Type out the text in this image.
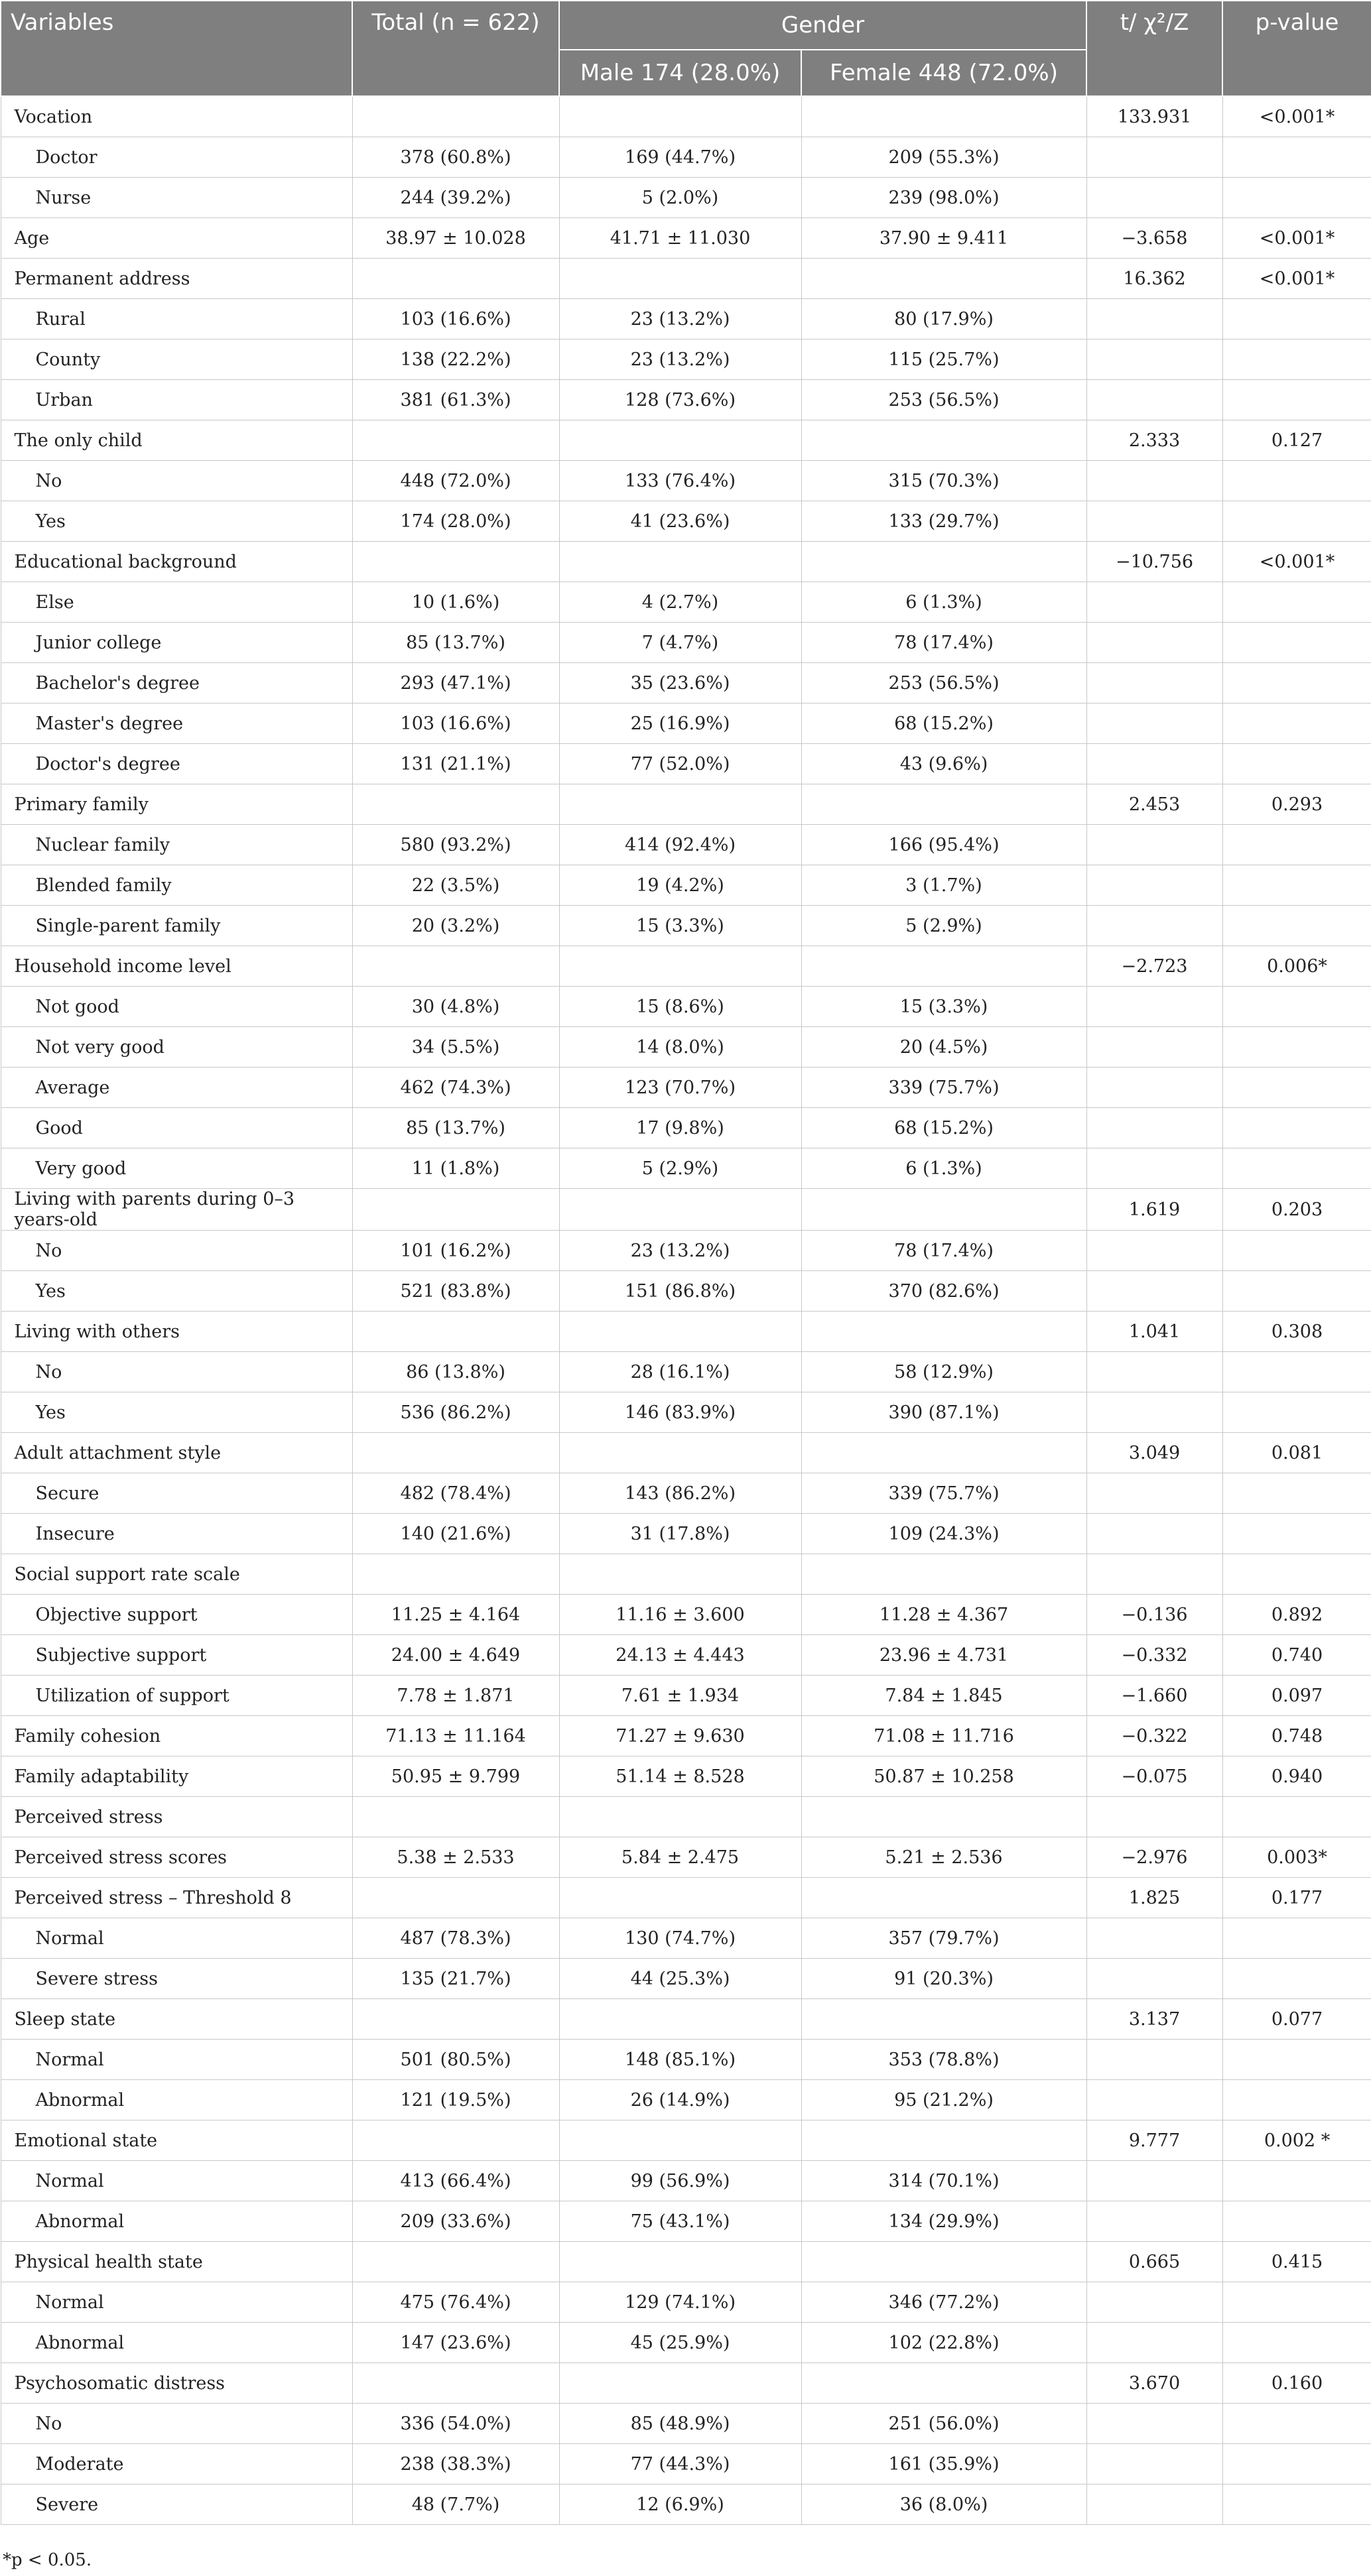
Variables	Total (n = 622)	Gender		t/ χ²/Z	p-value
		Male 174 (28.0%)	Female 448 (72.0%)		
Vocation				133.931	<0.001*
Doctor	378 (60.8%)	169 (44.7%)	209 (55.3%)		
Nurse	244 (39.2%)	5 (2.0%)	239 (98.0%)		
Age	38.97 ± 10.028	41.71 ± 11.030	37.90 ± 9.411	−3.658	<0.001*
Permanent address				16.362	<0.001*
Rural	103 (16.6%)	23 (13.2%)	80 (17.9%)		
County	138 (22.2%)	23 (13.2%)	115 (25.7%)		
Urban	381 (61.3%)	128 (73.6%)	253 (56.5%)		
The only child				2.333	0.127
No	448 (72.0%)	133 (76.4%)	315 (70.3%)		
Yes	174 (28.0%)	41 (23.6%)	133 (29.7%)		
Educational background				−10.756	<0.001*
Else	10 (1.6%)	4 (2.7%)	6 (1.3%)		
Junior college	85 (13.7%)	7 (4.7%)	78 (17.4%)		
Bachelor's degree	293 (47.1%)	35 (23.6%)	253 (56.5%)		
Master's degree	103 (16.6%)	25 (16.9%)	68 (15.2%)		
Doctor's degree	131 (21.1%)	77 (52.0%)	43 (9.6%)		
Primary family				2.453	0.293
Nuclear family	580 (93.2%)	414 (92.4%)	166 (95.4%)		
Blended family	22 (3.5%)	19 (4.2%)	3 (1.7%)		
Single-parent family	20 (3.2%)	15 (3.3%)	5 (2.9%)		
Household income level				−2.723	0.006*
Not good	30 (4.8%)	15 (8.6%)	15 (3.3%)		
Not very good	34 (5.5%)	14 (8.0%)	20 (4.5%)		
Average	462 (74.3%)	123 (70.7%)	339 (75.7%)		
Good	85 (13.7%)	17 (9.8%)	68 (15.2%)		
Very good	11 (1.8%)	5 (2.9%)	6 (1.3%)		
Living with parents during 0–3 years-old				1.619	0.203
No	101 (16.2%)	23 (13.2%)	78 (17.4%)		
Yes	521 (83.8%)	151 (86.8%)	370 (82.6%)		
Living with others				1.041	0.308
No	86 (13.8%)	28 (16.1%)	58 (12.9%)		
Yes	536 (86.2%)	146 (83.9%)	390 (87.1%)		
Adult attachment style				3.049	0.081
Secure	482 (78.4%)	143 (86.2%)	339 (75.7%)		
Insecure	140 (21.6%)	31 (17.8%)	109 (24.3%)		
Social support rate scale					
Objective support	11.25 ± 4.164	11.16 ± 3.600	11.28 ± 4.367	−0.136	0.892
Subjective support	24.00 ± 4.649	24.13 ± 4.443	23.96 ± 4.731	−0.332	0.740
Utilization of support	7.78 ± 1.871	7.61 ± 1.934	7.84 ± 1.845	−1.660	0.097
Family cohesion	71.13 ± 11.164	71.27 ± 9.630	71.08 ± 11.716	−0.322	0.748
Family adaptability	50.95 ± 9.799	51.14 ± 8.528	50.87 ± 10.258	−0.075	0.940
Perceived stress					
Perceived stress scores	5.38 ± 2.533	5.84 ± 2.475	5.21 ± 2.536	−2.976	0.003*
Perceived stress – Threshold 8				1.825	0.177
Normal	487 (78.3%)	130 (74.7%)	357 (79.7%)		
Severe stress	135 (21.7%)	44 (25.3%)	91 (20.3%)		
Sleep state				3.137	0.077
Normal	501 (80.5%)	148 (85.1%)	353 (78.8%)		
Abnormal	121 (19.5%)	26 (14.9%)	95 (21.2%)		
Emotional state				9.777	0.002 *
Normal	413 (66.4%)	99 (56.9%)	314 (70.1%)		
Abnormal	209 (33.6%)	75 (43.1%)	134 (29.9%)		
Physical health state				0.665	0.415
Normal	475 (76.4%)	129 (74.1%)	346 (77.2%)		
Abnormal	147 (23.6%)	45 (25.9%)	102 (22.8%)		
Psychosomatic distress				3.670	0.160
No	336 (54.0%)	85 (48.9%)	251 (56.0%)		
Moderate	238 (38.3%)	77 (44.3%)	161 (35.9%)		
Severe	48 (7.7%)	12 (6.9%)	36 (8.0%)		
*p < 0.05.
